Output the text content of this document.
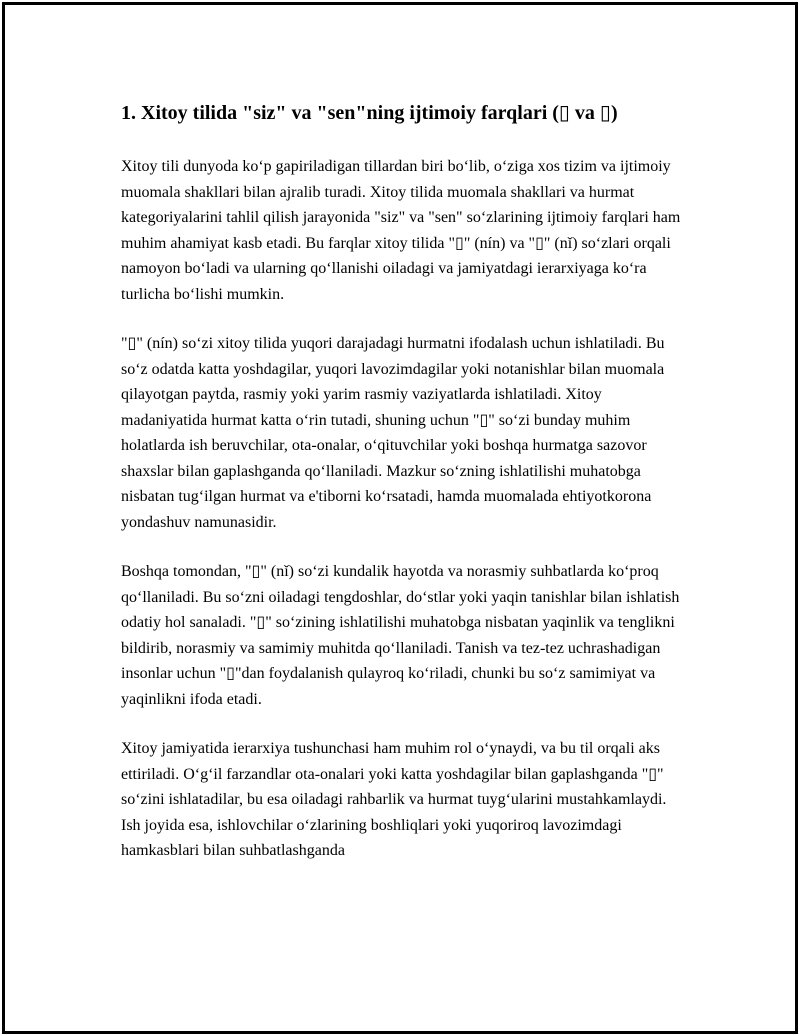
1. Xitoy tilida "siz" va "sen"ning ijtimoiy farqlari (▯ va ▯)

Xitoy tili dunyoda koʻp gapiriladigan tillardan biri boʻlib, oʻziga xos tizim va ijtimoiy muomala shakllari bilan ajralib turadi. Xitoy tilida muomala shakllari va hurmat kategoriyalarini tahlil qilish jarayonida "siz" va "sen" soʻzlarining ijtimoiy farqlari ham muhim ahamiyat kasb etadi. Bu farqlar xitoy tilida "▯" (nín) va "▯" (nǐ) soʻzlari orqali namoyon boʻladi va ularning qoʻllanishi oiladagi va jamiyatdagi ierarxiyaga koʻra turlicha boʻlishi mumkin.

"▯" (nín) soʻzi xitoy tilida yuqori darajadagi hurmatni ifodalash uchun ishlatiladi. Bu soʻz odatda katta yoshdagilar, yuqori lavozimdagilar yoki notanishlar bilan muomala qilayotgan paytda, rasmiy yoki yarim rasmiy vaziyatlarda ishlatiladi. Xitoy madaniyatida hurmat katta oʻrin tutadi, shuning uchun "▯" soʻzi bunday muhim holatlarda ish beruvchilar, ota-onalar, oʻqituvchilar yoki boshqa hurmatga sazovor shaxslar bilan gaplashganda qoʻllaniladi. Mazkur soʻzning ishlatilishi muhatobga nisbatan tugʻilgan hurmat va e'tiborni koʻrsatadi, hamda muomalada ehtiyotkorona yondashuv namunasidir.

Boshqa tomondan, "▯" (nǐ) soʻzi kundalik hayotda va norasmiy suhbatlarda koʻproq qoʻllaniladi. Bu soʻzni oiladagi tengdoshlar, doʻstlar yoki yaqin tanishlar bilan ishlatish odatiy hol sanaladi. "▯" soʻzining ishlatilishi muhatobga nisbatan yaqinlik va tenglikni bildirib, norasmiy va samimiy muhitda qoʻllaniladi. Tanish va tez-tez uchrashadigan insonlar uchun "▯"dan foydalanish qulayroq koʻriladi, chunki bu soʻz samimiyat va yaqinlikni ifoda etadi.

Xitoy jamiyatida ierarxiya tushunchasi ham muhim rol oʻynaydi, va bu til orqali aks ettiriladi. Oʻgʻil farzandlar ota-onalari yoki katta yoshdagilar bilan gaplashganda "▯" soʻzini ishlatadilar, bu esa oiladagi rahbarlik va hurmat tuygʻularini mustahkamlaydi. Ish joyida esa, ishlovchilar oʻzlarining boshliqlari yoki yuqoriroq lavozimdagi hamkasblari bilan suhbatlashganda
